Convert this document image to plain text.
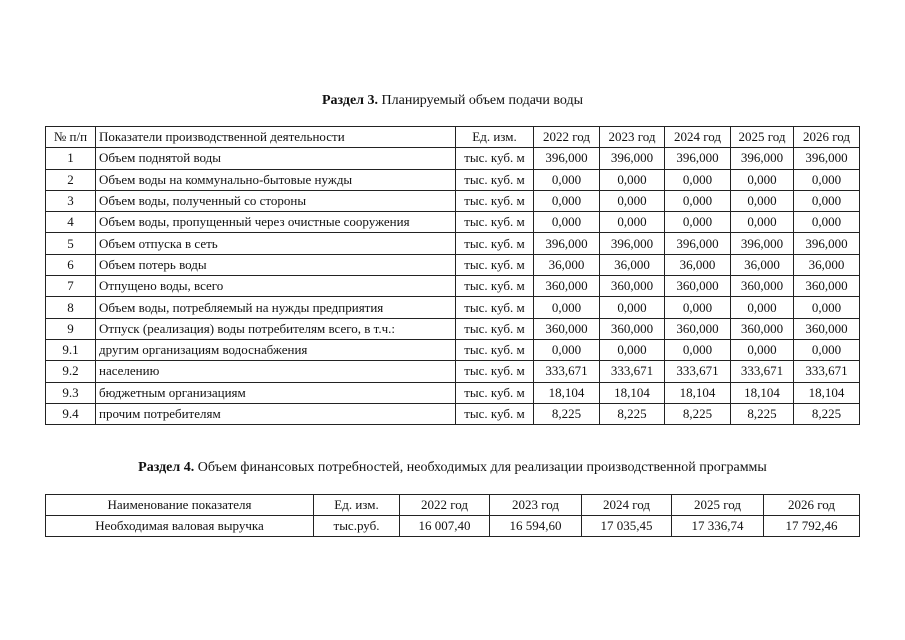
Раздел 3. Планируемый объем подачи воды
№ п/п	Показатели производственной деятельности	Ед. изм.	2022 год	2023 год	2024 год	2025 год	2026 год
1	Объем поднятой воды	тыс. куб. м	396,000	396,000	396,000	396,000	396,000
2	Объем воды на коммунально-бытовые нужды	тыс. куб. м	0,000	0,000	0,000	0,000	0,000
3	Объем воды, полученный со стороны	тыс. куб. м	0,000	0,000	0,000	0,000	0,000
4	Объем воды, пропущенный через очистные сооружения	тыс. куб. м	0,000	0,000	0,000	0,000	0,000
5	Объем отпуска в сеть	тыс. куб. м	396,000	396,000	396,000	396,000	396,000
6	Объем потерь воды	тыс. куб. м	36,000	36,000	36,000	36,000	36,000
7	Отпущено воды, всего	тыс. куб. м	360,000	360,000	360,000	360,000	360,000
8	Объем воды, потребляемый на нужды предприятия	тыс. куб. м	0,000	0,000	0,000	0,000	0,000
9	Отпуск (реализация) воды потребителям всего, в т.ч.:	тыс. куб. м	360,000	360,000	360,000	360,000	360,000
9.1	другим организациям водоснабжения	тыс. куб. м	0,000	0,000	0,000	0,000	0,000
9.2	населению	тыс. куб. м	333,671	333,671	333,671	333,671	333,671
9.3	бюджетным организациям	тыс. куб. м	18,104	18,104	18,104	18,104	18,104
9.4	прочим потребителям	тыс. куб. м	8,225	8,225	8,225	8,225	8,225
Раздел 4. Объем финансовых потребностей, необходимых для реализации производственной программы
Наименование показателя	Ед. изм.	2022 год	2023 год	2024 год	2025 год	2026 год
Необходимая валовая выручка	тыс.руб.	16 007,40	16 594,60	17 035,45	17 336,74	17 792,46
